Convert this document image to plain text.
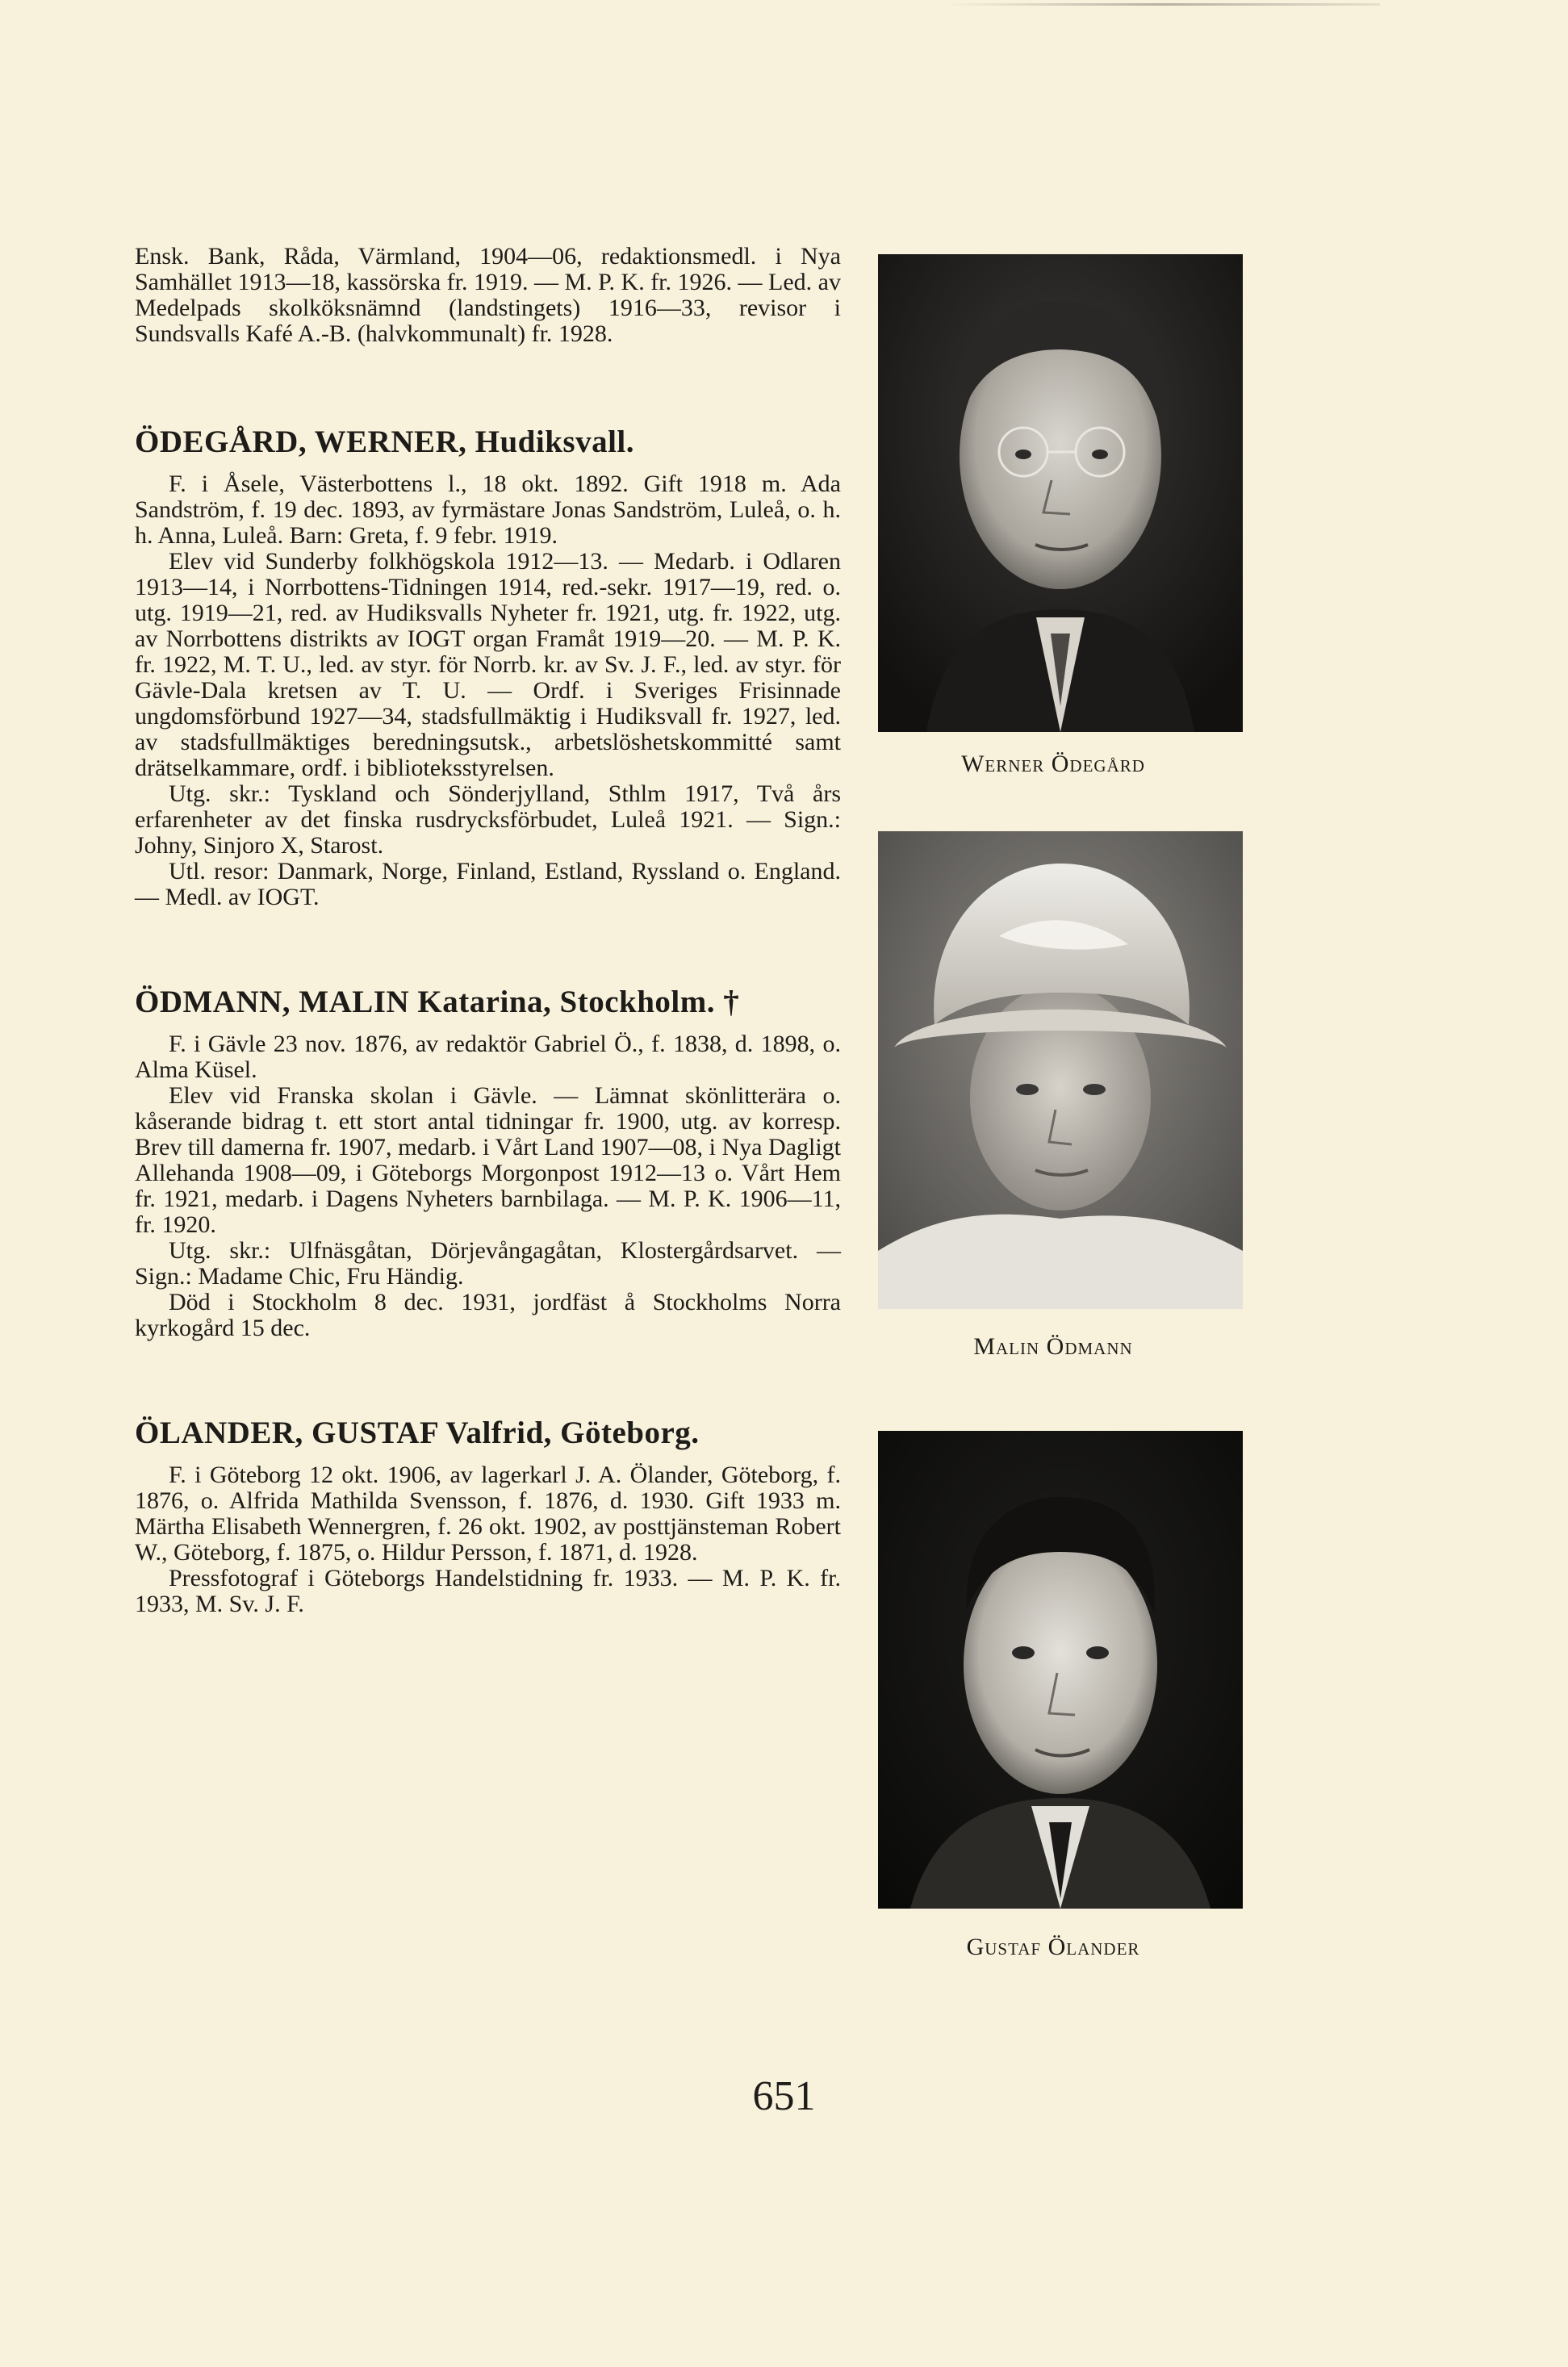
Ensk. Bank, Råda, Värmland, 1904—06, redaktionsmedl. i Nya Samhället 1913—18, kassörska fr. 1919. — M. P. K. fr. 1926. — Led. av Medelpads skolköksnämnd (landstingets) 1916—33, revisor i Sundsvalls Kafé A.-B. (halvkommunalt) fr. 1928.

ÖDEGÅRD, WERNER, Hudiksvall.

F. i Åsele, Västerbottens l., 18 okt. 1892. Gift 1918 m. Ada Sandström, f. 19 dec. 1893, av fyrmästare Jonas Sandström, Luleå, o. h. h. Anna, Luleå. Barn: Greta, f. 9 febr. 1919.

Elev vid Sunderby folkhögskola 1912—13. — Medarb. i Odlaren 1913—14, i Norrbottens-Tidningen 1914, red.-sekr. 1917—19, red. o. utg. 1919—21, red. av Hudiksvalls Nyheter fr. 1921, utg. fr. 1922, utg. av Norrbottens distrikts av IOGT organ Framåt 1919—20. — M. P. K. fr. 1922, M. T. U., led. av styr. för Norrb. kr. av Sv. J. F., led. av styr. för Gävle-Dala kretsen av T. U. — Ordf. i Sveriges Frisinnade ungdomsförbund 1927—34, stadsfullmäktig i Hudiksvall fr. 1927, led. av stadsfullmäktiges beredningsutsk., arbetslöshetskommitté samt drätselkammare, ordf. i biblioteksstyrelsen.

Utg. skr.: Tyskland och Sönderjylland, Sthlm 1917, Två års erfarenheter av det finska rusdrycksförbudet, Luleå 1921. — Sign.: Johny, Sinjoro X, Starost.

Utl. resor: Danmark, Norge, Finland, Estland, Ryssland o. England. — Medl. av IOGT.

ÖDMANN, MALIN Katarina, Stockholm. †

F. i Gävle 23 nov. 1876, av redaktör Gabriel Ö., f. 1838, d. 1898, o. Alma Küsel.

Elev vid Franska skolan i Gävle. — Lämnat skönlitterära o. kåserande bidrag t. ett stort antal tidningar fr. 1900, utg. av korresp. Brev till damerna fr. 1907, medarb. i Vårt Land 1907—08, i Nya Dagligt Allehanda 1908—09, i Göteborgs Morgonpost 1912—13 o. Vårt Hem fr. 1921, medarb. i Dagens Nyheters barnbilaga. — M. P. K. 1906—11, fr. 1920.

Utg. skr.: Ulfnäsgåtan, Dörjevångagåtan, Klostergårdsarvet. — Sign.: Madame Chic, Fru Händig.

Död i Stockholm 8 dec. 1931, jordfäst å Stockholms Norra kyrkogård 15 dec.

ÖLANDER, GUSTAF Valfrid, Göteborg.

F. i Göteborg 12 okt. 1906, av lagerkarl J. A. Ölander, Göteborg, f. 1876, o. Alfrida Mathilda Svensson, f. 1876, d. 1930. Gift 1933 m. Märtha Elisabeth Wennergren, f. 26 okt. 1902, av posttjänsteman Robert W., Göteborg, f. 1875, o. Hildur Persson, f. 1871, d. 1928.

Pressfotograf i Göteborgs Handelstidning fr. 1933. — M. P. K. fr. 1933, M. Sv. J. F.

Werner Ödegård
Malin Ödmann
Gustaf Ölander
651
